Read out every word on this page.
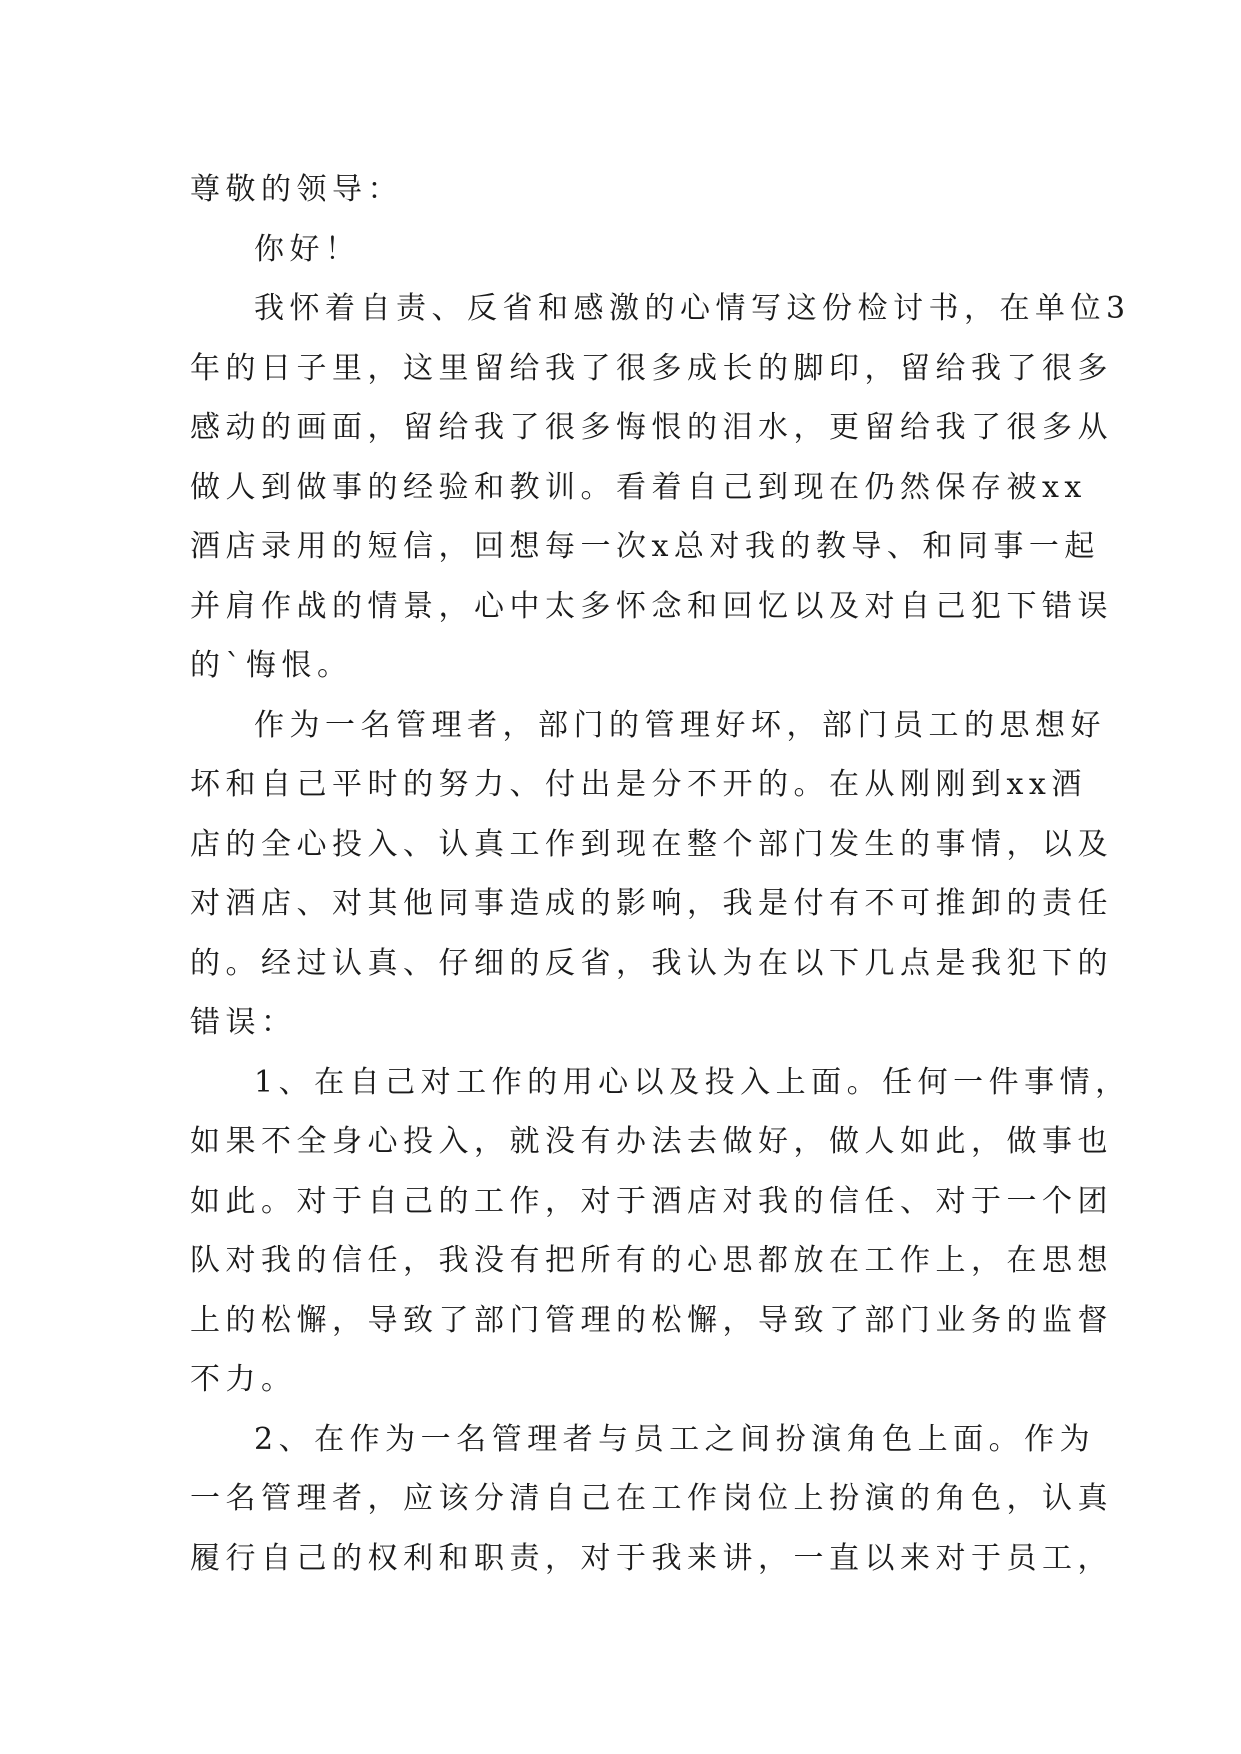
尊敬的领导：
你好！
我怀着自责、反省和感激的心情写这份检讨书，在单位3
年的日子里，这里留给我了很多成长的脚印，留给我了很多
感动的画面，留给我了很多悔恨的泪水，更留给我了很多从
做人到做事的经验和教训。看着自己到现在仍然保存被xx
酒店录用的短信，回想每一次x总对我的教导、和同事一起
并肩作战的情景，心中太多怀念和回忆以及对自己犯下错误
的`悔恨。
作为一名管理者，部门的管理好坏，部门员工的思想好
坏和自己平时的努力、付出是分不开的。在从刚刚到xx酒
店的全心投入、认真工作到现在整个部门发生的事情，以及
对酒店、对其他同事造成的影响，我是付有不可推卸的责任
的。经过认真、仔细的反省，我认为在以下几点是我犯下的
错误：
1、在自己对工作的用心以及投入上面。任何一件事情，
如果不全身心投入，就没有办法去做好，做人如此，做事也
如此。对于自己的工作，对于酒店对我的信任、对于一个团
队对我的信任，我没有把所有的心思都放在工作上，在思想
上的松懈，导致了部门管理的松懈，导致了部门业务的监督
不力。
2、在作为一名管理者与员工之间扮演角色上面。作为
一名管理者，应该分清自己在工作岗位上扮演的角色，认真
履行自己的权利和职责，对于我来讲，一直以来对于员工，
